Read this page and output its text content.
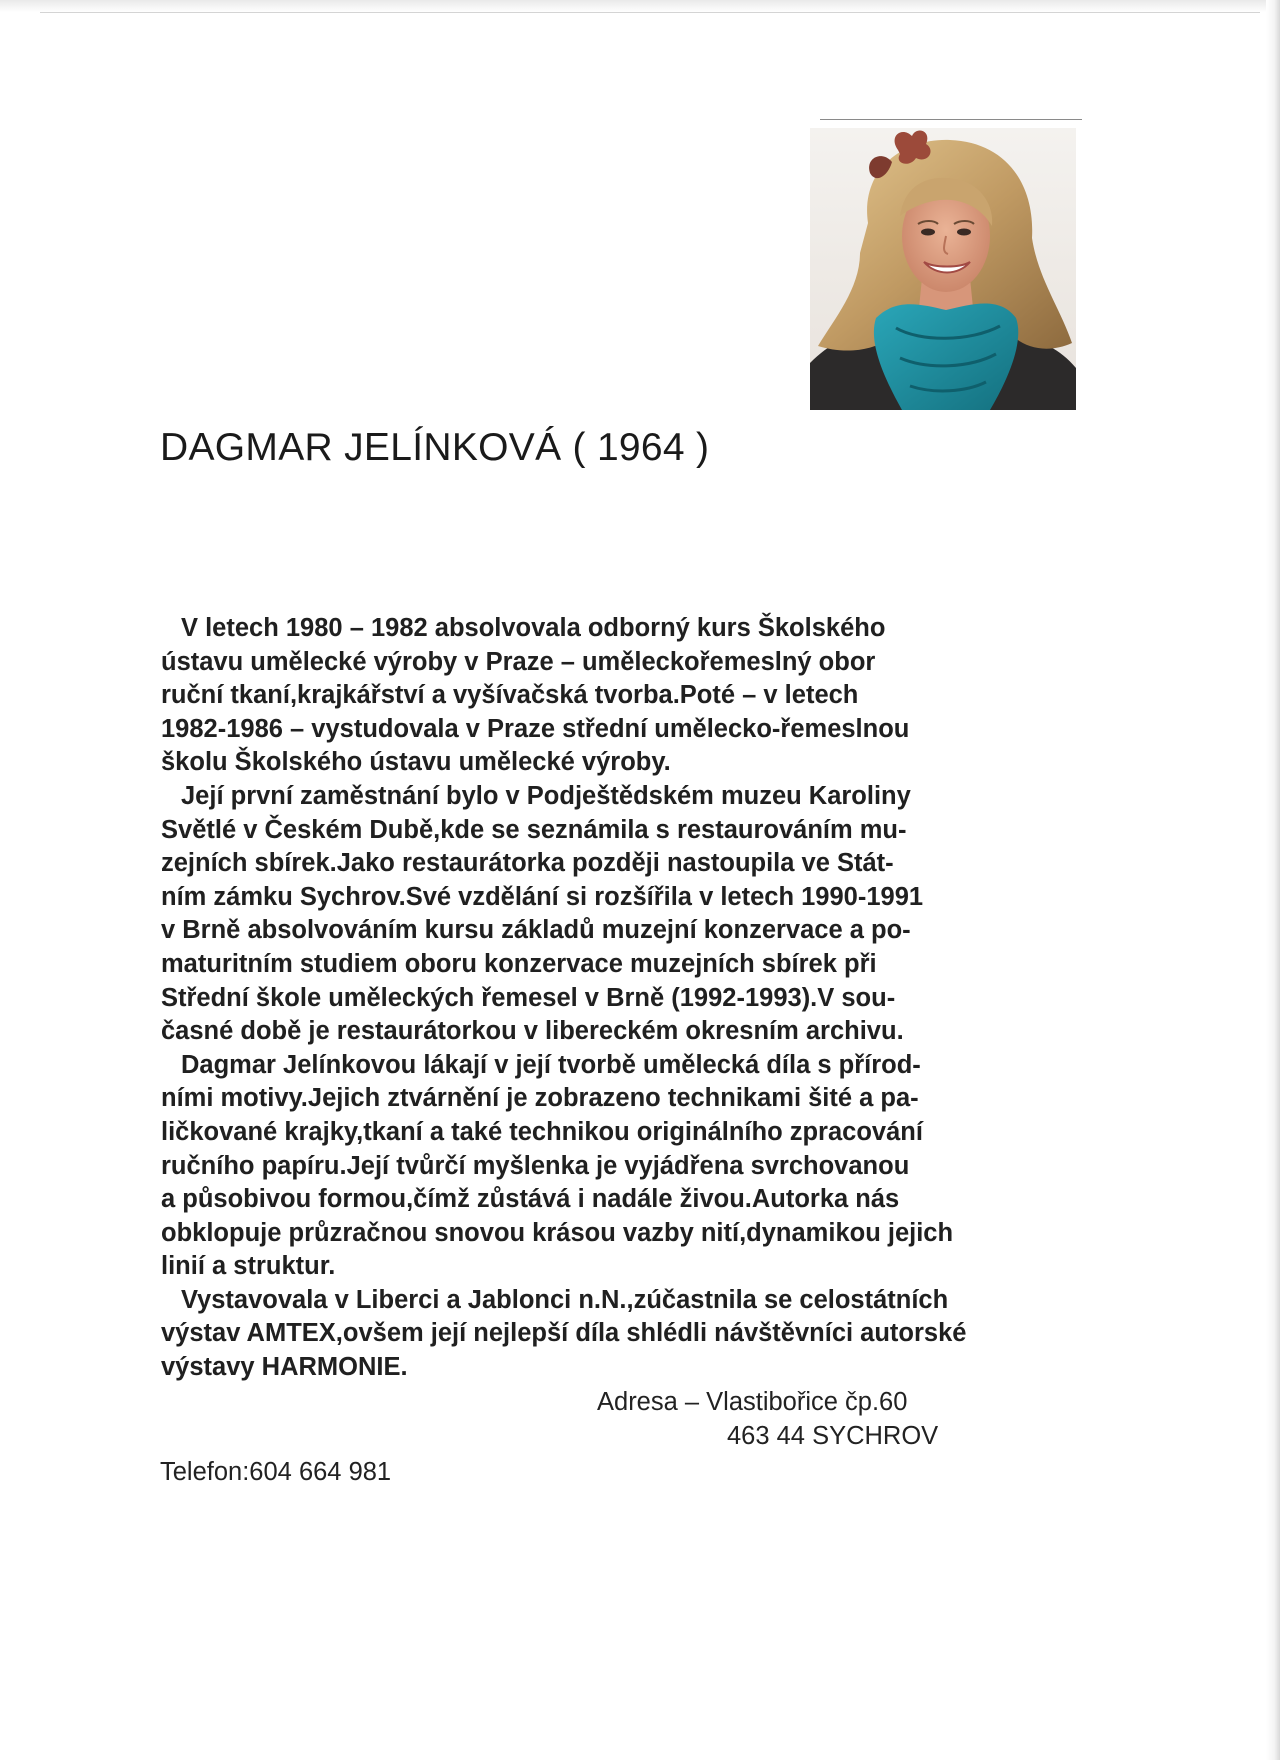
DAGMAR JELÍNKOVÁ ( 1964 )
V letech 1980 – 1982 absolvovala odborný kurs Školského
ústavu umělecké výroby v Praze – uměleckořemeslný obor
ruční tkaní,krajkářství a vyšívačská tvorba.Poté – v letech
1982-1986 – vystudovala v Praze střední umělecko-řemeslnou
školu Školského ústavu umělecké výroby.
Její první zaměstnání bylo v Podještědském muzeu Karoliny
Světlé v Českém Dubě,kde se seznámila s restaurováním mu-
zejních sbírek.Jako restaurátorka později nastoupila ve Stát-
ním zámku Sychrov.Své vzdělání si rozšířila v letech 1990-1991
v Brně absolvováním kursu základů muzejní konzervace a po-
maturitním studiem oboru konzervace muzejních sbírek při
Střední škole uměleckých řemesel v Brně (1992-1993).V sou-
časné době je restaurátorkou v libereckém okresním archivu.
Dagmar Jelínkovou lákají v její tvorbě umělecká díla s přírod-
ními motivy.Jejich ztvárnění je zobrazeno technikami šité a pa-
ličkované krajky,tkaní a také technikou originálního zpracování
ručního papíru.Její tvůrčí myšlenka je vyjádřena svrchovanou
a působivou formou,čímž zůstává i nadále živou.Autorka nás
obklopuje průzračnou snovou krásou vazby nití,dynamikou jejich
linií a struktur.
Vystavovala v Liberci a Jablonci n.N.,zúčastnila se celostátních
výstav AMTEX,ovšem její nejlepší díla shlédli návštěvníci autorské
výstavy HARMONIE.
Adresa – Vlastibořice čp.60
463 44 SYCHROV
Telefon:604 664 981
